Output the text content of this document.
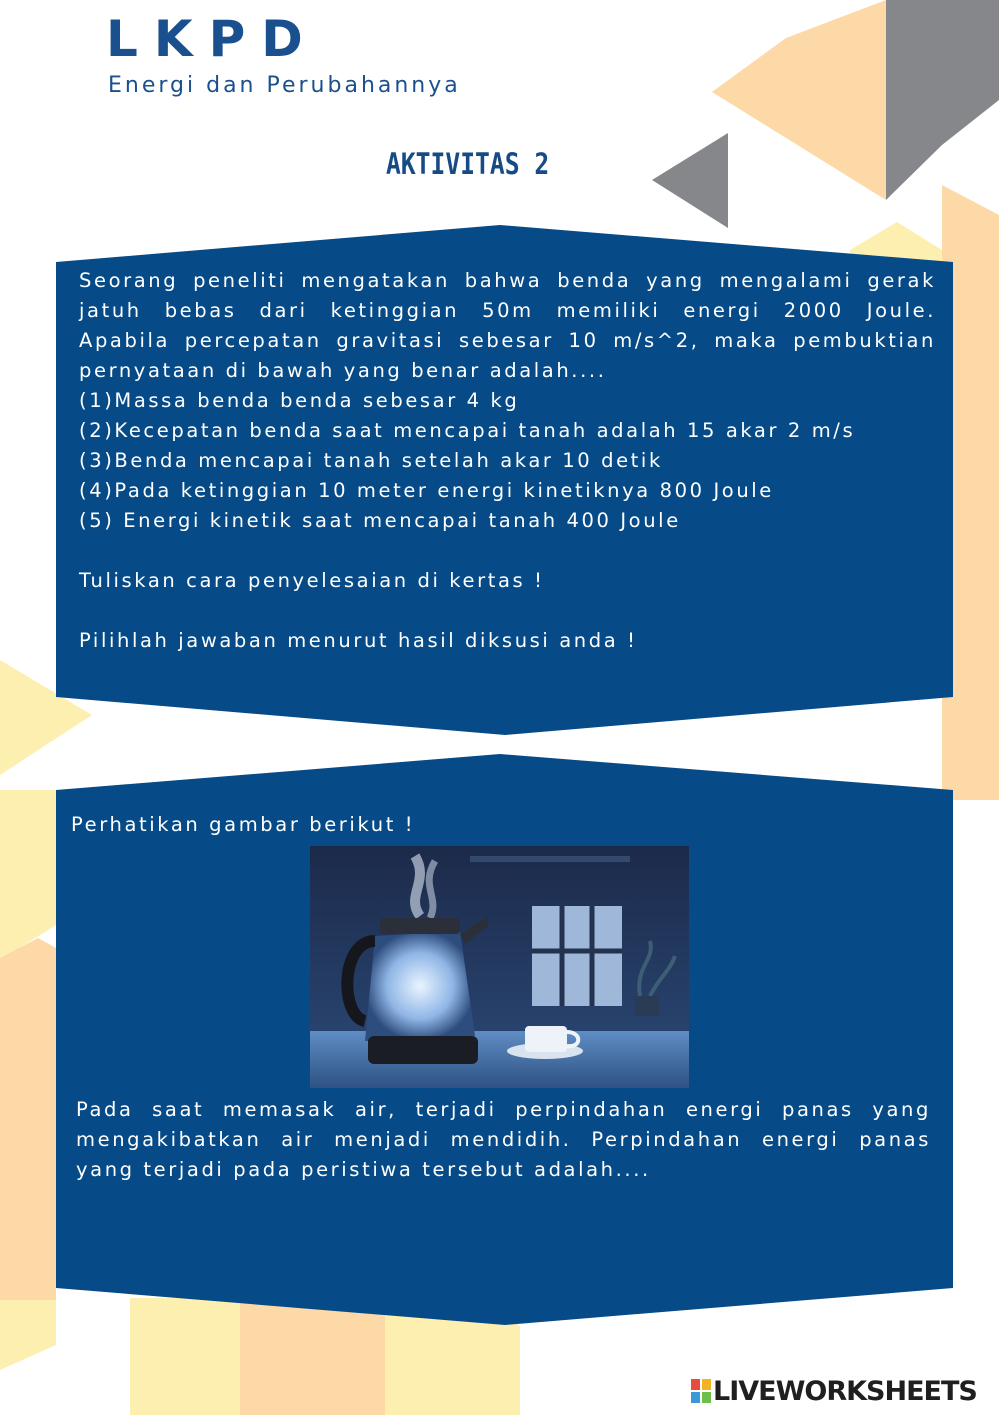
LKPD
Energi dan Perubahannya
AKTIVITAS 2
Seorang peneliti mengatakan bahwa benda yang mengalami gerak
jatuh bebas dari ketinggian 50m memiliki energi 2000 Joule.
Apabila percepatan gravitasi sebesar 10 m/s^2, maka pembuktian
pernyataan di bawah yang benar adalah....
(1)Massa benda benda sebesar 4 kg
(2)Kecepatan benda saat mencapai tanah adalah 15 akar 2 m/s
(3)Benda mencapai tanah setelah akar 10 detik
(4)Pada ketinggian 10 meter energi kinetiknya 800 Joule
(5) Energi kinetik saat mencapai tanah 400 Joule
Tuliskan cara penyelesaian di kertas !
Pilihlah jawaban menurut hasil diksusi anda !
Perhatikan gambar berikut !
Pada saat memasak air, terjadi perpindahan energi panas yang
mengakibatkan air menjadi mendidih. Perpindahan energi panas
yang terjadi pada peristiwa tersebut adalah....
LIVEWORKSHEETS
